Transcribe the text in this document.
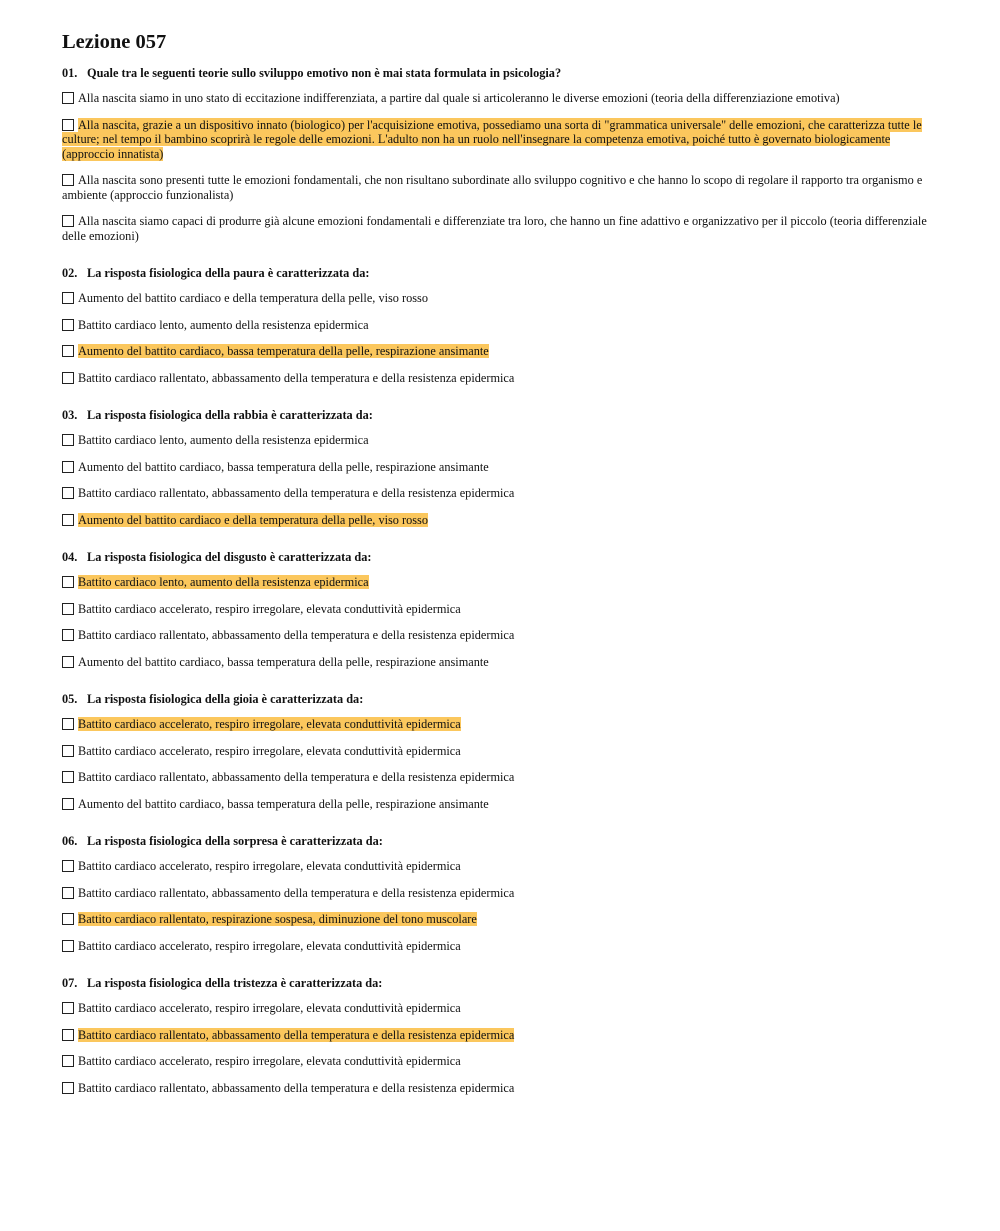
Lezione 057
01. Quale tra le seguenti teorie sullo sviluppo emotivo non è mai stata formulata in psicologia?
Alla nascita siamo in uno stato di eccitazione indifferenziata, a partire dal quale si articoleranno le diverse emozioni (teoria della differenziazione emotiva)
Alla nascita, grazie a un dispositivo innato (biologico) per l'acquisizione emotiva, possediamo una sorta di "grammatica universale" delle emozioni, che caratterizza tutte le culture; nel tempo il bambino scoprirà le regole delle emozioni. L'adulto non ha un ruolo nell'insegnare la competenza emotiva, poiché tutto è governato biologicamente (approccio innatista)
Alla nascita sono presenti tutte le emozioni fondamentali, che non risultano subordinate allo sviluppo cognitivo e che hanno lo scopo di regolare il rapporto tra organismo e ambiente (approccio funzionalista)
Alla nascita siamo capaci di produrre già alcune emozioni fondamentali e differenziate tra loro, che hanno un fine adattivo e organizzativo per il piccolo (teoria differenziale delle emozioni)
02. La risposta fisiologica della paura è caratterizzata da:
Aumento del battito cardiaco e della temperatura della pelle, viso rosso
Battito cardiaco lento, aumento della resistenza epidermica
Aumento del battito cardiaco, bassa temperatura della pelle, respirazione ansimante
Battito cardiaco rallentato, abbassamento della temperatura e della resistenza epidermica
03. La risposta fisiologica della rabbia è caratterizzata da:
Battito cardiaco lento, aumento della resistenza epidermica
Aumento del battito cardiaco, bassa temperatura della pelle, respirazione ansimante
Battito cardiaco rallentato, abbassamento della temperatura e della resistenza epidermica
Aumento del battito cardiaco e della temperatura della pelle, viso rosso
04. La risposta fisiologica del disgusto è caratterizzata da:
Battito cardiaco lento, aumento della resistenza epidermica
Battito cardiaco accelerato, respiro irregolare, elevata conduttività epidermica
Battito cardiaco rallentato, abbassamento della temperatura e della resistenza epidermica
Aumento del battito cardiaco, bassa temperatura della pelle, respirazione ansimante
05. La risposta fisiologica della gioia è caratterizzata da:
Battito cardiaco accelerato, respiro irregolare, elevata conduttività epidermica
Battito cardiaco accelerato, respiro irregolare, elevata conduttività epidermica
Battito cardiaco rallentato, abbassamento della temperatura e della resistenza epidermica
Aumento del battito cardiaco, bassa temperatura della pelle, respirazione ansimante
06. La risposta fisiologica della sorpresa è caratterizzata da:
Battito cardiaco accelerato, respiro irregolare, elevata conduttività epidermica
Battito cardiaco rallentato, abbassamento della temperatura e della resistenza epidermica
Battito cardiaco rallentato, respirazione sospesa, diminuzione del tono muscolare
Battito cardiaco accelerato, respiro irregolare, elevata conduttività epidermica
07. La risposta fisiologica della tristezza è caratterizzata da:
Battito cardiaco accelerato, respiro irregolare, elevata conduttività epidermica
Battito cardiaco rallentato, abbassamento della temperatura e della resistenza epidermica
Battito cardiaco accelerato, respiro irregolare, elevata conduttività epidermica
Battito cardiaco rallentato, abbassamento della temperatura e della resistenza epidermica
